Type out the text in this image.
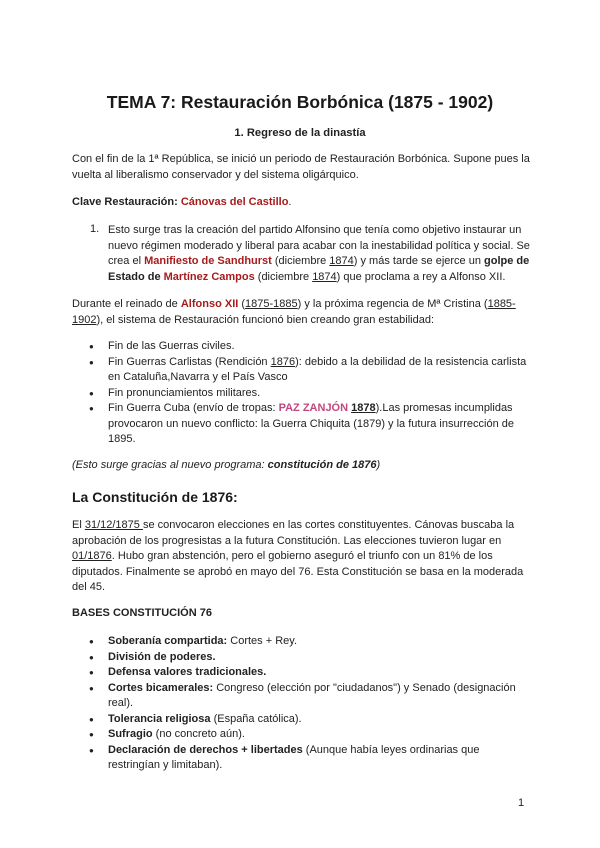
TEMA 7: Restauración Borbónica (1875 - 1902)
1. Regreso de la dinastía
Con el fin de la 1ª República, se inició un periodo de Restauración Borbónica. Supone pues la vuelta al liberalismo conservador y del sistema oligárquico.
Clave Restauración: Cánovas del Castillo.
1. Esto surge tras la creación del partido Alfonsino que tenía como objetivo instaurar un nuevo régimen moderado y liberal para acabar con la inestabilidad política y social. Se crea el Manifiesto de Sandhurst (diciembre 1874) y más tarde se ejerce un golpe de Estado de Martínez Campos (diciembre 1874) que proclama a rey a Alfonso XII.
Durante el reinado de Alfonso XII (1875-1885) y la próxima regencia de Mª Cristina (1885-1902), el sistema de Restauración funcionó bien creando gran estabilidad:
● Fin de las Guerras civiles.
● Fin Guerras Carlistas (Rendición 1876): debido a la debilidad de la resistencia carlista en Cataluña,Navarra y el País Vasco
● Fin pronunciamientos militares.
● Fin Guerra Cuba (envío de tropas: PAZ ZANJÓN 1878).Las promesas incumplidas provocaron un nuevo conflicto: la Guerra Chiquita (1879) y la futura insurrección de 1895.
(Esto surge gracias al nuevo programa: constitución de 1876)
La Constitución de 1876:
El 31/12/1875 se convocaron elecciones en las cortes constituyentes. Cánovas buscaba la aprobación de los progresistas a la futura Constitución. Las elecciones tuvieron lugar en 01/1876. Hubo gran abstención, pero el gobierno aseguró el triunfo con un 81% de los diputados. Finalmente se aprobó en mayo del 76. Esta Constitución se basa en la moderada del 45.
BASES CONSTITUCIÓN 76
● Soberanía compartida: Cortes + Rey.
● División de poderes.
● Defensa valores tradicionales.
● Cortes bicamerales: Congreso (elección por "ciudadanos") y Senado (designación real).
● Tolerancia religiosa (España católica).
● Sufragio (no concreto aún).
● Declaración de derechos + libertades (Aunque había leyes ordinarias que restringían y limitaban).
1
